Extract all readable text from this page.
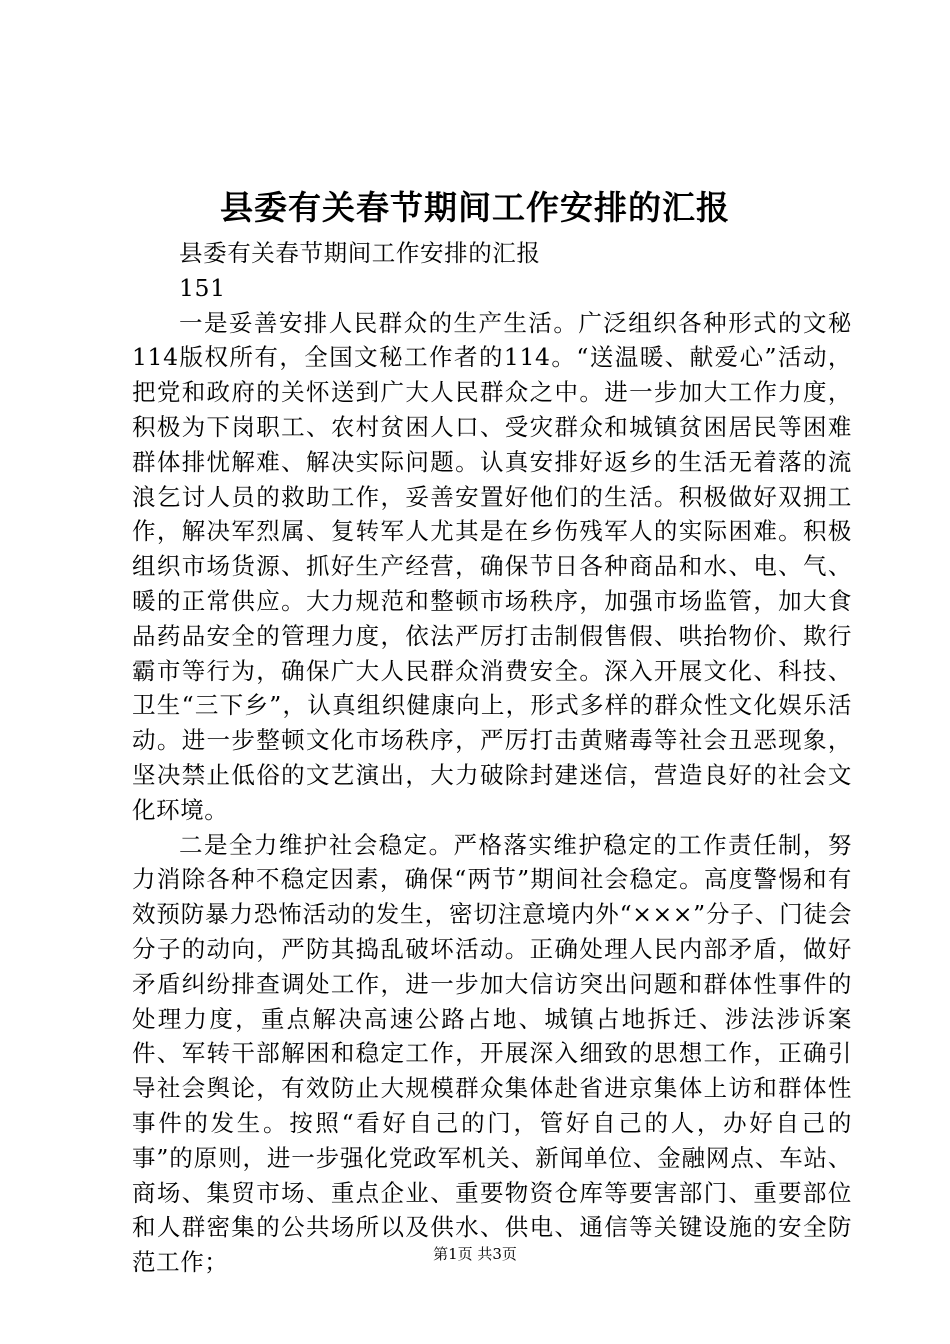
县委有关春节期间工作安排的汇报

县委有关春节期间工作安排的汇报

151

一是妥善安排人民群众的生产生活。广泛组织各种形式的文秘114版权所有，全国文秘工作者的114。“送温暖、献爱心”活动，把党和政府的关怀送到广大人民群众之中。进一步加大工作力度，积极为下岗职工、农村贫困人口、受灾群众和城镇贫困居民等困难群体排忧解难、解决实际问题。认真安排好返乡的生活无着落的流浪乞讨人员的救助工作，妥善安置好他们的生活。积极做好双拥工作，解决军烈属、复转军人尤其是在乡伤残军人的实际困难。积极组织市场货源、抓好生产经营，确保节日各种商品和水、电、气、暖的正常供应。大力规范和整顿市场秩序，加强市场监管，加大食品药品安全的管理力度，依法严厉打击制假售假、哄抬物价、欺行霸市等行为，确保广大人民群众消费安全。深入开展文化、科技、卫生“三下乡”，认真组织健康向上，形式多样的群众性文化娱乐活动。进一步整顿文化市场秩序，严厉打击黄赌毒等社会丑恶现象，坚决禁止低俗的文艺演出，大力破除封建迷信，营造良好的社会文化环境。

二是全力维护社会稳定。严格落实维护稳定的工作责任制，努力消除各种不稳定因素，确保“两节”期间社会稳定。高度警惕和有效预防暴力恐怖活动的发生，密切注意境内外“×××”分子、门徒会分子的动向，严防其捣乱破坏活动。正确处理人民内部矛盾，做好矛盾纠纷排查调处工作，进一步加大信访突出问题和群体性事件的处理力度，重点解决高速公路占地、城镇占地拆迁、涉法涉诉案件、军转干部解困和稳定工作，开展深入细致的思想工作，正确引导社会舆论，有效防止大规模群众集体赴省进京集体上访和群体性事件的发生。按照“看好自己的门，管好自己的人，办好自己的事”的原则，进一步强化党政军机关、新闻单位、金融网点、车站、商场、集贸市场、重点企业、重要物资仓库等要害部门、重要部位和人群密集的公共场所以及供水、供电、通信等关键设施的安全防范工作；	第1页 共3页
